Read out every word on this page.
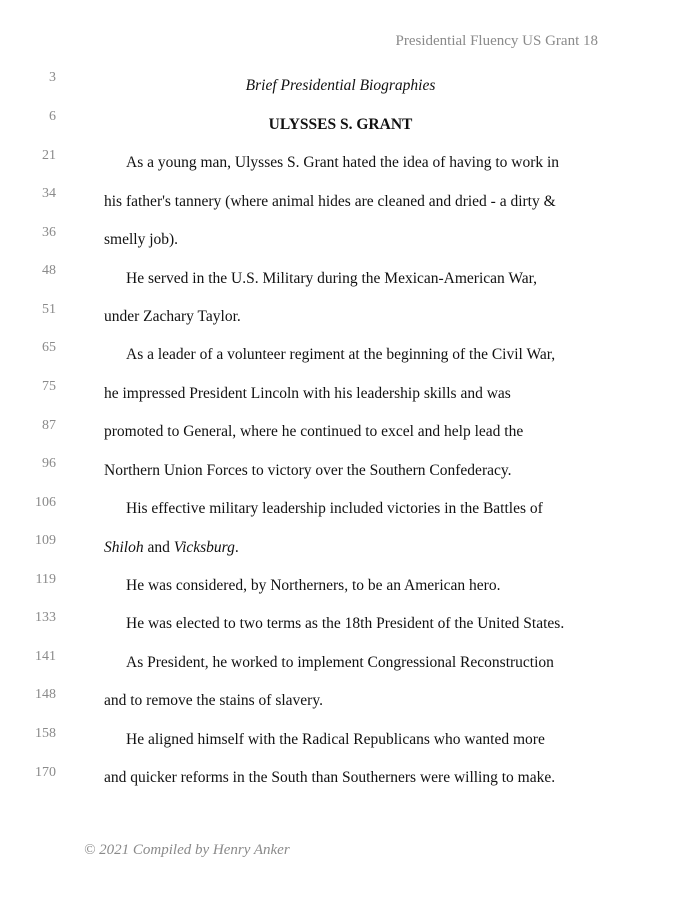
Presidential Fluency US Grant 18
3
6
21
34
36
48
51
65
75
87
96
106
109
119
133
141
148
158
170
Brief Presidential Biographies
ULYSSES S. GRANT
As a young man, Ulysses S. Grant hated the idea of having to work in
his father's tannery (where animal hides are cleaned and dried - a dirty &
smelly job).
He served in the U.S. Military during the Mexican-American War,
under Zachary Taylor.
As a leader of a volunteer regiment at the beginning of the Civil War,
he impressed President Lincoln with his leadership skills and was
promoted to General, where he continued to excel and help lead the
Northern Union Forces to victory over the Southern Confederacy.
His effective military leadership included victories in the Battles of
Shiloh and Vicksburg.
He was considered, by Northerners, to be an American hero.
He was elected to two terms as the 18th President of the United States.
As President, he worked to implement Congressional Reconstruction
and to remove the stains of slavery.
He aligned himself with the Radical Republicans who wanted more
and quicker reforms in the South than Southerners were willing to make.
© 2021 Compiled by Henry Anker
